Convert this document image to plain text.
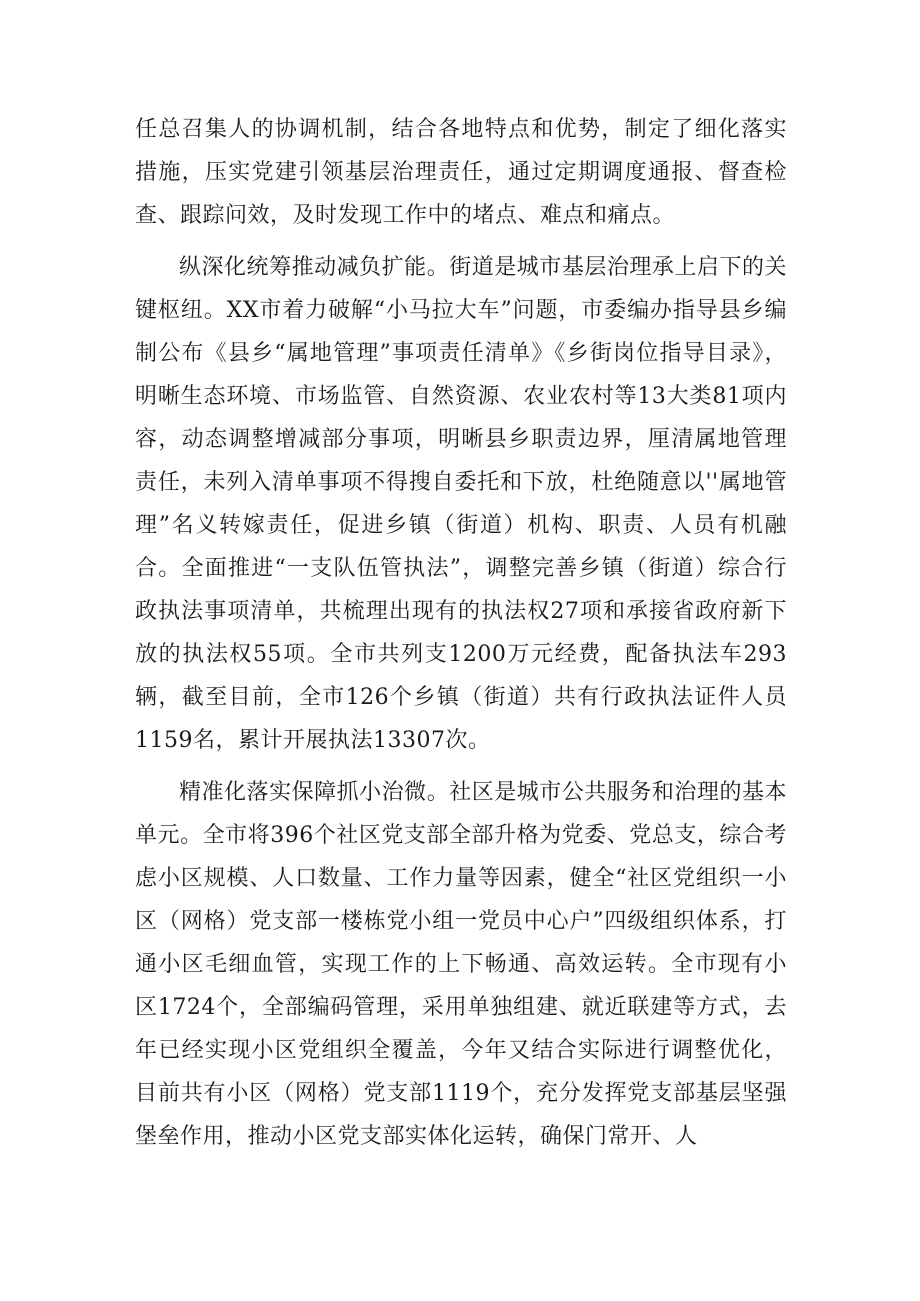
任总召集人的协调机制，结合各地特点和优势，制定了细化落实措施，压实党建引领基层治理责任，通过定期调度通报、督查检查、跟踪问效，及时发现工作中的堵点、难点和痛点。

纵深化统筹推动减负扩能。街道是城市基层治理承上启下的关键枢纽。XX市着力破解“小马拉大车”问题，市委编办指导县乡编制公布《县乡“属地管理”事项责任清单》《乡街岗位指导目录》，明晰生态环境、市场监管、自然资源、农业农村等13大类81项内容，动态调整增减部分事项，明晰县乡职责边界，厘清属地管理责任，未列入清单事项不得搜自委托和下放，杜绝随意以''属地管理”名义转嫁责任，促进乡镇（街道）机构、职责、人员有机融合。全面推进“一支队伍管执法”，调整完善乡镇（街道）综合行政执法事项清单，共梳理出现有的执法权27项和承接省政府新下放的执法权55项。全市共列支1200万元经费，配备执法车293辆，截至目前，全市126个乡镇（街道）共有行政执法证件人员1159名，累计开展执法13307次。

精准化落实保障抓小治微。社区是城市公共服务和治理的基本单元。全市将396个社区党支部全部升格为党委、党总支，综合考虑小区规模、人口数量、工作力量等因素，健全“社区党组织一小区（网格）党支部一楼栋党小组一党员中心户”四级组织体系，打通小区毛细血管，实现工作的上下畅通、高效运转。全市现有小区1724个，全部编码管理，采用单独组建、就近联建等方式，去年已经实现小区党组织全覆盖，今年又结合实际进行调整优化，目前共有小区（网格）党支部1119个，充分发挥党支部基层坚强堡垒作用，推动小区党支部实体化运转，确保门常开、人
